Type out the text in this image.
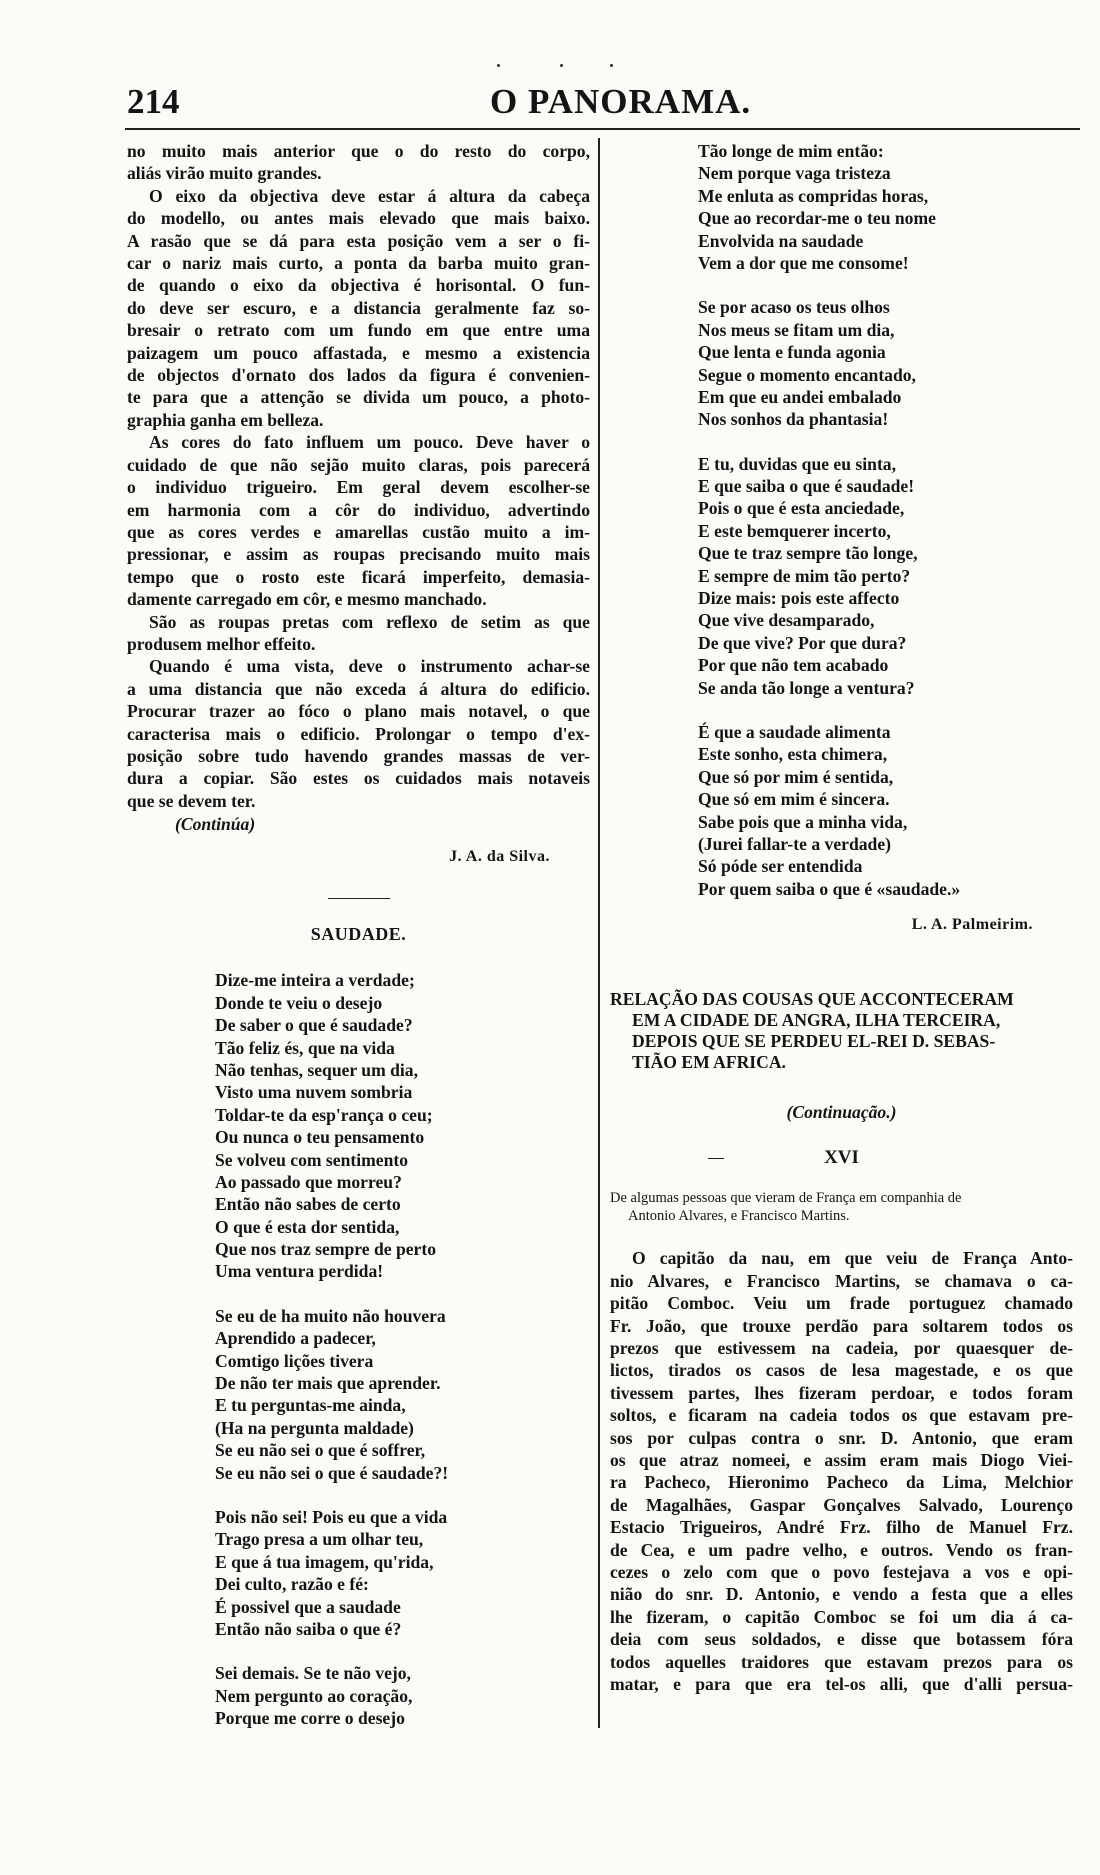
214	O PANORAMA.
no muito mais anterior que o do resto do corpo,
aliás virão muito grandes.
O eixo da objectiva deve estar á altura da cabeça
do modello, ou antes mais elevado que mais baixo.
A rasão que se dá para esta posição vem a ser o fi-
car o nariz mais curto, a ponta da barba muito gran-
de quando o eixo da objectiva é horisontal. O fun-
do deve ser escuro, e a distancia geralmente faz so-
bresair o retrato com um fundo em que entre uma
paizagem um pouco affastada, e mesmo a existencia
de objectos d'ornato dos lados da figura é convenien-
te para que a attenção se divida um pouco, a photo-
graphia ganha em belleza.
As cores do fato influem um pouco. Deve haver o
cuidado de que não sejão muito claras, pois parecerá
o individuo trigueiro. Em geral devem escolher-se
em harmonia com a côr do individuo, advertindo
que as cores verdes e amarellas custão muito a im-
pressionar, e assim as roupas precisando muito mais
tempo que o rosto este ficará imperfeito, demasia-
damente carregado em côr, e mesmo manchado.
São as roupas pretas com reflexo de setim as que
produsem melhor effeito.
Quando é uma vista, deve o instrumento achar-se
a uma distancia que não exceda á altura do edificio.
Procurar trazer ao fóco o plano mais notavel, o que
caracterisa mais o edificio. Prolongar o tempo d'ex-
posição sobre tudo havendo grandes massas de ver-
dura a copiar. São estes os cuidados mais notaveis
que se devem ter.
(Continúa)
J. A. da Silva.
SAUDADE.
Dize-me inteira a verdade;
Donde te veiu o desejo
De saber o que é saudade?
Tão feliz és, que na vida
Não tenhas, sequer um dia,
Visto uma nuvem sombria
Toldar-te da esp'rança o ceu;
Ou nunca o teu pensamento
Se volveu com sentimento
Ao passado que morreu?
Então não sabes de certo
O que é esta dor sentida,
Que nos traz sempre de perto
Uma ventura perdida!
Se eu de ha muito não houvera
Aprendido a padecer,
Comtigo lições tivera
De não ter mais que aprender.
E tu perguntas-me ainda,
(Ha na pergunta maldade)
Se eu não sei o que é soffrer,
Se eu não sei o que é saudade?!
Pois não sei! Pois eu que a vida
Trago presa a um olhar teu,
E que á tua imagem, qu'rida,
Dei culto, razão e fé:
É possivel que a saudade
Então não saiba o que é?
Sei demais. Se te não vejo,
Nem pergunto ao coração,
Porque me corre o desejo
Tão longe de mim então:
Nem porque vaga tristeza
Me enluta as compridas horas,
Que ao recordar-me o teu nome
Envolvida na saudade
Vem a dor que me consome!
Se por acaso os teus olhos
Nos meus se fitam um dia,
Que lenta e funda agonia
Segue o momento encantado,
Em que eu andei embalado
Nos sonhos da phantasia!
E tu, duvidas que eu sinta,
E que saiba o que é saudade!
Pois o que é esta anciedade,
E este bemquerer incerto,
Que te traz sempre tão longe,
E sempre de mim tão perto?
Dize mais: pois este affecto
Que vive desamparado,
De que vive? Por que dura?
Por que não tem acabado
Se anda tão longe a ventura?
É que a saudade alimenta
Este sonho, esta chimera,
Que só por mim é sentida,
Que só em mim é sincera.
Sabe pois que a minha vida,
(Jurei fallar-te a verdade)
Só póde ser entendida
Por quem saiba o que é «saudade.»
L. A. Palmeirim.
RELAÇÃO DAS COUSAS QUE ACCONTECERAM
EM A CIDADE DE ANGRA, ILHA TERCEIRA,
DEPOIS QUE SE PERDEU EL-REI D. SEBAS-
TIÃO EM AFRICA.
(Continuação.)
XVI
De algumas pessoas que vieram de França em companhia de
Antonio Alvares, e Francisco Martins.
O capitão da nau, em que veiu de França Anto-
nio Alvares, e Francisco Martins, se chamava o ca-
pitão Comboc. Veiu um frade portuguez chamado
Fr. João, que trouxe perdão para soltarem todos os
prezos que estivessem na cadeia, por quaesquer de-
lictos, tirados os casos de lesa magestade, e os que
tivessem partes, lhes fizeram perdoar, e todos foram
soltos, e ficaram na cadeia todos os que estavam pre-
sos por culpas contra o snr. D. Antonio, que eram
os que atraz nomeei, e assim eram mais Diogo Viei-
ra Pacheco, Hieronimo Pacheco da Lima, Melchior
de Magalhães, Gaspar Gonçalves Salvado, Lourenço
Estacio Trigueiros, André Frz. filho de Manuel Frz.
de Cea, e um padre velho, e outros. Vendo os fran-
cezes o zelo com que o povo festejava a vos e opi-
nião do snr. D. Antonio, e vendo a festa que a elles
lhe fizeram, o capitão Comboc se foi um dia á ca-
deia com seus soldados, e disse que botassem fóra
todos aquelles traidores que estavam prezos para os
matar, e para que era tel-os alli, que d'alli persua-
